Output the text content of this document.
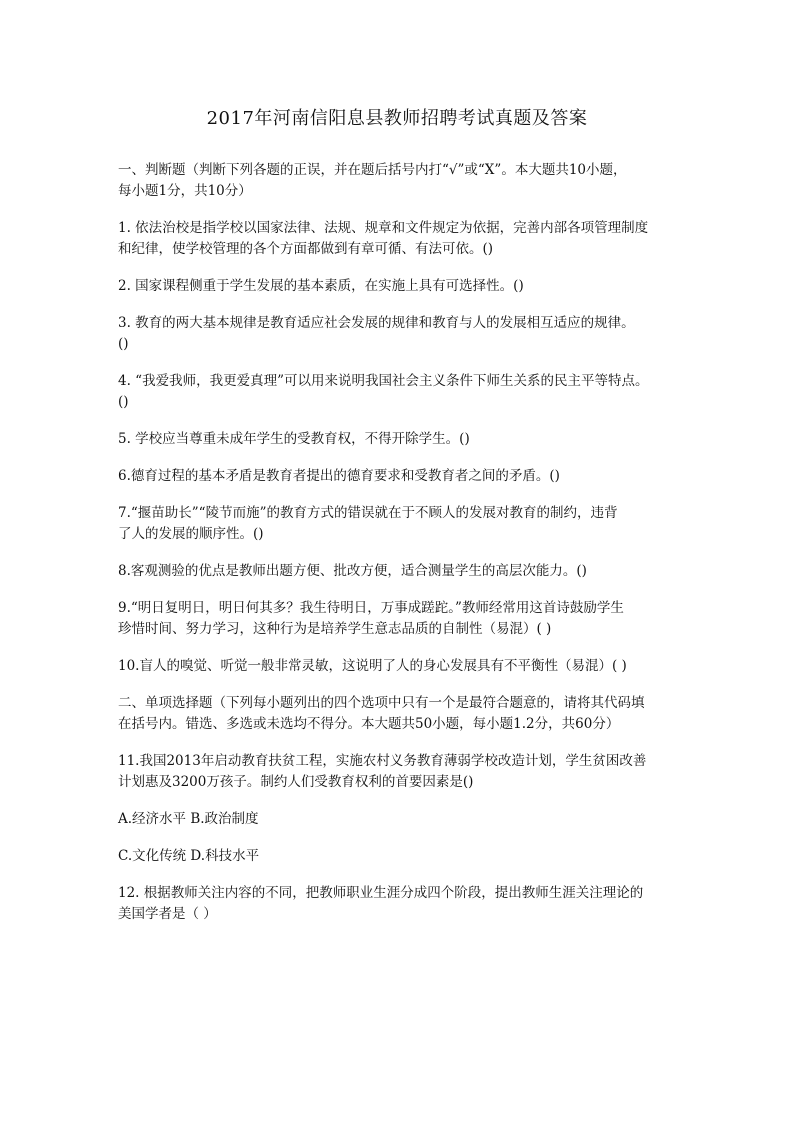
2017年河南信阳息县教师招聘考试真题及答案

一、判断题（判断下列各题的正误，并在题后括号内打“√”或“X”。本大题共10小题，
每小题1分，共10分）

1. 依法治校是指学校以国家法律、法规、规章和文件规定为依据，完善内部各项管理制度
和纪律，使学校管理的各个方面都做到有章可循、有法可依。()

2. 国家课程侧重于学生发展的基本素质，在实施上具有可选择性。()

3. 教育的两大基本规律是教育适应社会发展的规律和教育与人的发展相互适应的规律。
()

4. “我爱我师，我更爱真理”可以用来说明我国社会主义条件下师生关系的民主平等特点。
()

5. 学校应当尊重未成年学生的受教育权，不得开除学生。()

6.德育过程的基本矛盾是教育者提出的德育要求和受教育者之间的矛盾。()

7.“揠苗助长”“陵节而施”的教育方式的错误就在于不顾人的发展对教育的制约，违背
了人的发展的顺序性。()

8.客观测验的优点是教师出题方便、批改方便，适合测量学生的高层次能力。()

9.“明日复明日，明日何其多？我生待明日，万事成蹉跎。”教师经常用这首诗鼓励学生
珍惜时间、努力学习，这种行为是培养学生意志品质的自制性（易混）( )

10.盲人的嗅觉、听觉一般非常灵敏，这说明了人的身心发展具有不平衡性（易混）( )

二、单项选择题（下列每小题列出的四个选项中只有一个是最符合题意的，请将其代码填
在括号内。错选、多选或未选均不得分。本大题共50小题，每小题1.2分，共60分）

11.我国2013年启动教育扶贫工程，实施农村义务教育薄弱学校改造计划，学生贫困改善
计划惠及3200万孩子。制约人们受教育权利的首要因素是()

A.经济水平 B.政治制度

C.文化传统 D.科技水平

12. 根据教师关注内容的不同，把教师职业生涯分成四个阶段，提出教师生涯关注理论的
美国学者是（ ）
